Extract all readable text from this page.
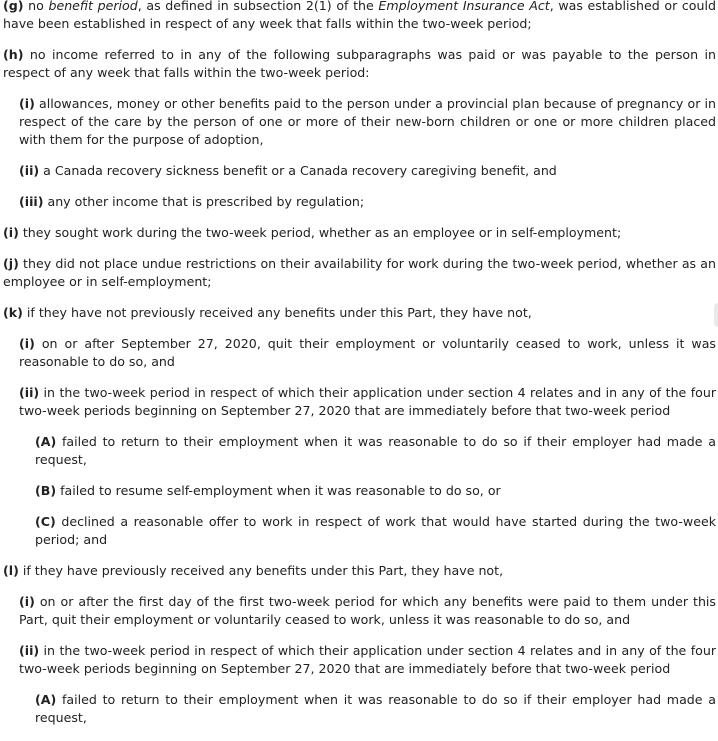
(g) no benefit period, as defined in subsection 2(1) of the Employment Insurance Act, was established or could have been established in respect of any week that falls within the two-week period;

(h) no income referred to in any of the following subparagraphs was paid or was payable to the person in respect of any week that falls within the two-week period:

(i) allowances, money or other benefits paid to the person under a provincial plan because of pregnancy or in respect of the care by the person of one or more of their new-born children or one or more children placed with them for the purpose of adoption,

(ii) a Canada recovery sickness benefit or a Canada recovery caregiving benefit, and

(iii) any other income that is prescribed by regulation;

(i) they sought work during the two-week period, whether as an employee or in self-employment;

(j) they did not place undue restrictions on their availability for work during the two-week period, whether as an employee or in self-employment;

(k) if they have not previously received any benefits under this Part, they have not,

(i) on or after September 27, 2020, quit their employment or voluntarily ceased to work, unless it was reasonable to do so, and

(ii) in the two-week period in respect of which their application under section 4 relates and in any of the four two-week periods beginning on September 27, 2020 that are immediately before that two-week period

(A) failed to return to their employment when it was reasonable to do so if their employer had made a request,

(B) failed to resume self-employment when it was reasonable to do so, or

(C) declined a reasonable offer to work in respect of work that would have started during the two-week period; and

(l) if they have previously received any benefits under this Part, they have not,

(i) on or after the first day of the first two-week period for which any benefits were paid to them under this Part, quit their employment or voluntarily ceased to work, unless it was reasonable to do so, and

(ii) in the two-week period in respect of which their application under section 4 relates and in any of the four two-week periods beginning on September 27, 2020 that are immediately before that two-week period

(A) failed to return to their employment when it was reasonable to do so if their employer had made a request,
